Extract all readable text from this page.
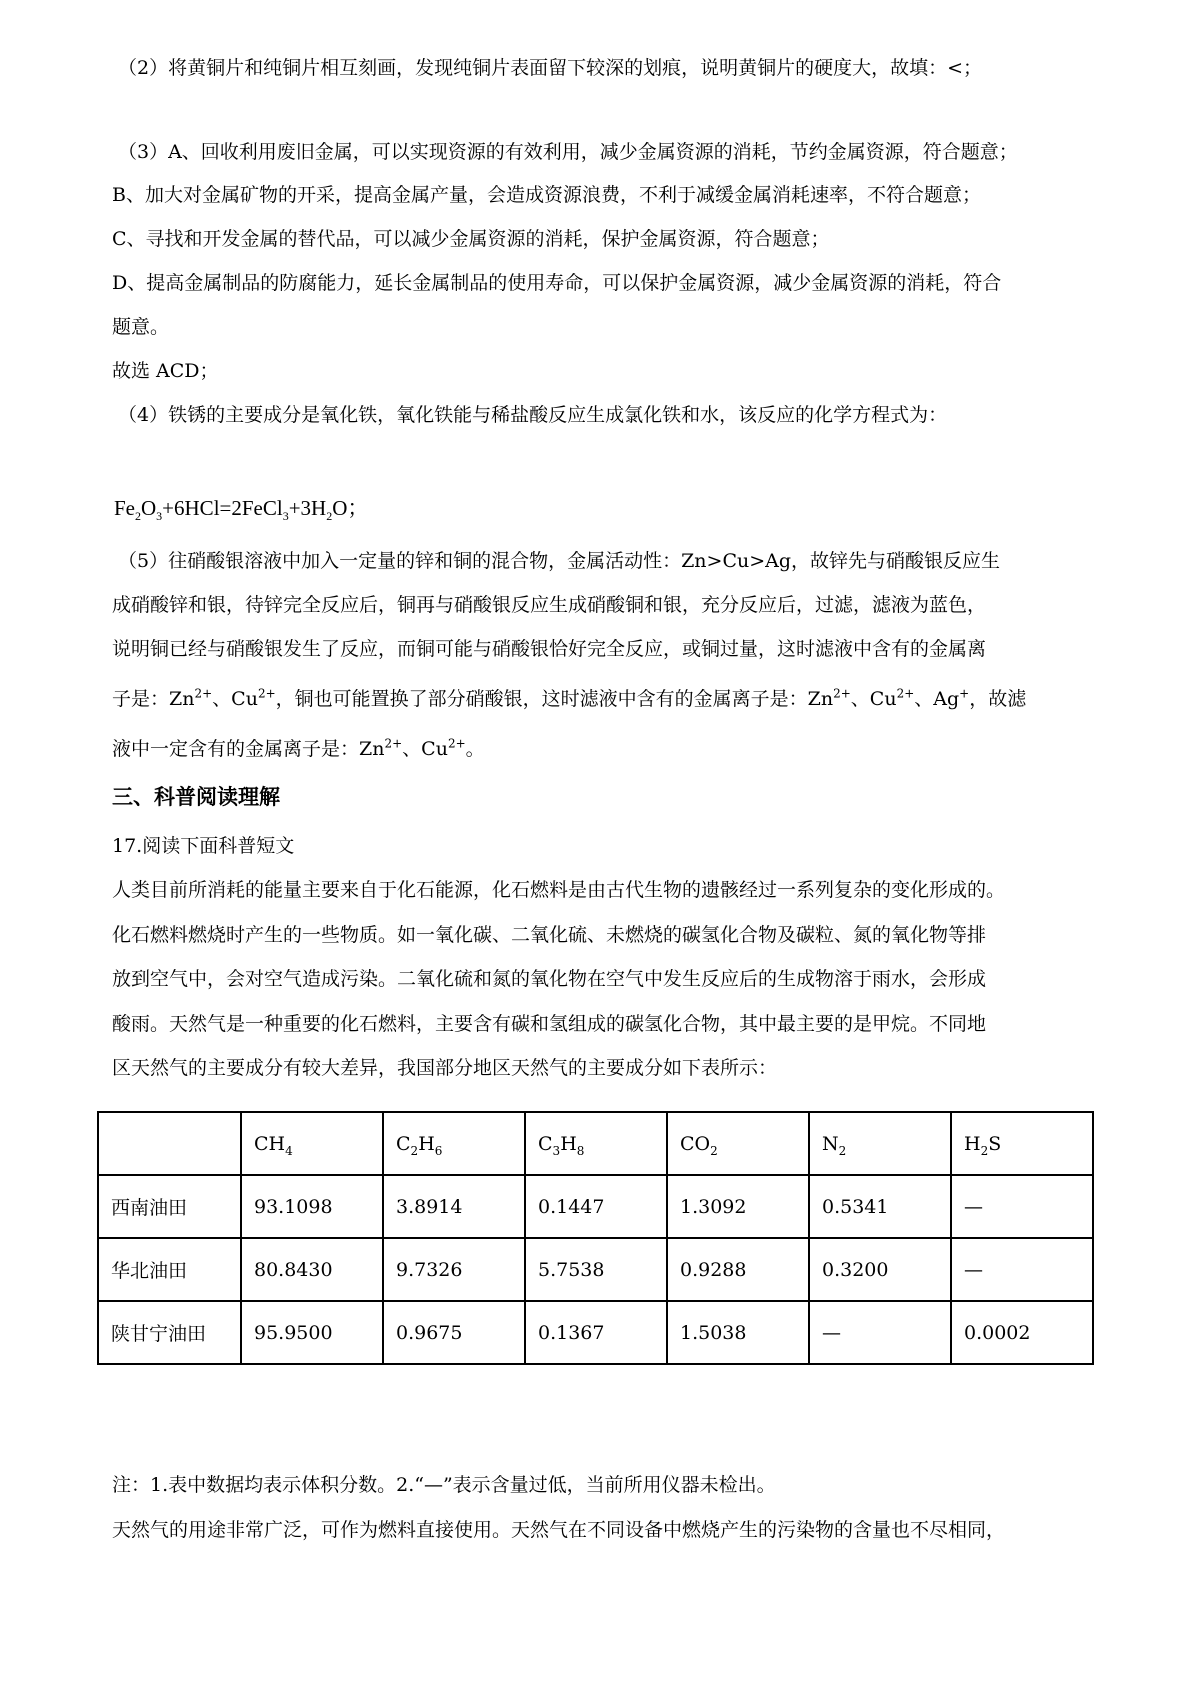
（2）将黄铜片和纯铜片相互刻画，发现纯铜片表面留下较深的划痕，说明黄铜片的硬度大，故填：<；
（3）A、回收利用废旧金属，可以实现资源的有效利用，减少金属资源的消耗，节约金属资源，符合题意；
B、加大对金属矿物的开采，提高金属产量，会造成资源浪费，不利于减缓金属消耗速率，不符合题意；
C、寻找和开发金属的替代品，可以减少金属资源的消耗，保护金属资源，符合题意；
D、提高金属制品的防腐能力，延长金属制品的使用寿命，可以保护金属资源，减少金属资源的消耗，符合
题意。
故选 ACD；
（4）铁锈的主要成分是氧化铁，氧化铁能与稀盐酸反应生成氯化铁和水，该反应的化学方程式为：
$Fe_2O_3+6HCl=2FeCl_3+3H_2O$；
（5）往硝酸银溶液中加入一定量的锌和铜的混合物，金属活动性：Zn>Cu>Ag，故锌先与硝酸银反应生
成硝酸锌和银，待锌完全反应后，铜再与硝酸银反应生成硝酸铜和银，充分反应后，过滤，滤液为蓝色，
说明铜已经与硝酸银发生了反应，而铜可能与硝酸银恰好完全反应，或铜过量，这时滤液中含有的金属离
子是：$Zn^{2+}$、$Cu^{2+}$，铜也可能置换了部分硝酸银，这时滤液中含有的金属离子是：$Zn^{2+}$、$Cu^{2+}$、Ag+，故滤
液中一定含有的金属离子是：$Zn^{2+}$、$Cu^{2+}$。
三、科普阅读理解
17.阅读下面科普短文
人类目前所消耗的能量主要来自于化石能源，化石燃料是由古代生物的遗骸经过一系列复杂的变化形成的。
化石燃料燃烧时产生的一些物质。如一氧化碳、二氧化硫、未燃烧的碳氢化合物及碳粒、氮的氧化物等排
放到空气中，会对空气造成污染。二氧化硫和氮的氧化物在空气中发生反应后的生成物溶于雨水，会形成
酸雨。天然气是一种重要的化石燃料，主要含有碳和氢组成的碳氢化合物，其中最主要的是甲烷。不同地
区天然气的主要成分有较大差异，我国部分地区天然气的主要成分如下表所示：
	$CH_4$	$C_2H_6$	$C_3H_8$	$CO_2$	$N_2$	$H_2S$
西南油田	93.1098	3.8914	0.1447	1.3092	0.5341	—
华北油田	80.8430	9.7326	5.7538	0.9288	0.3200	—
陕甘宁油田	95.9500	0.9675	0.1367	1.5038	—	0.0002
注：1.表中数据均表示体积分数。2.“—”表示含量过低，当前所用仪器未检出。
天然气的用途非常广泛，可作为燃料直接使用。天然气在不同设备中燃烧产生的污染物的含量也不尽相同，
